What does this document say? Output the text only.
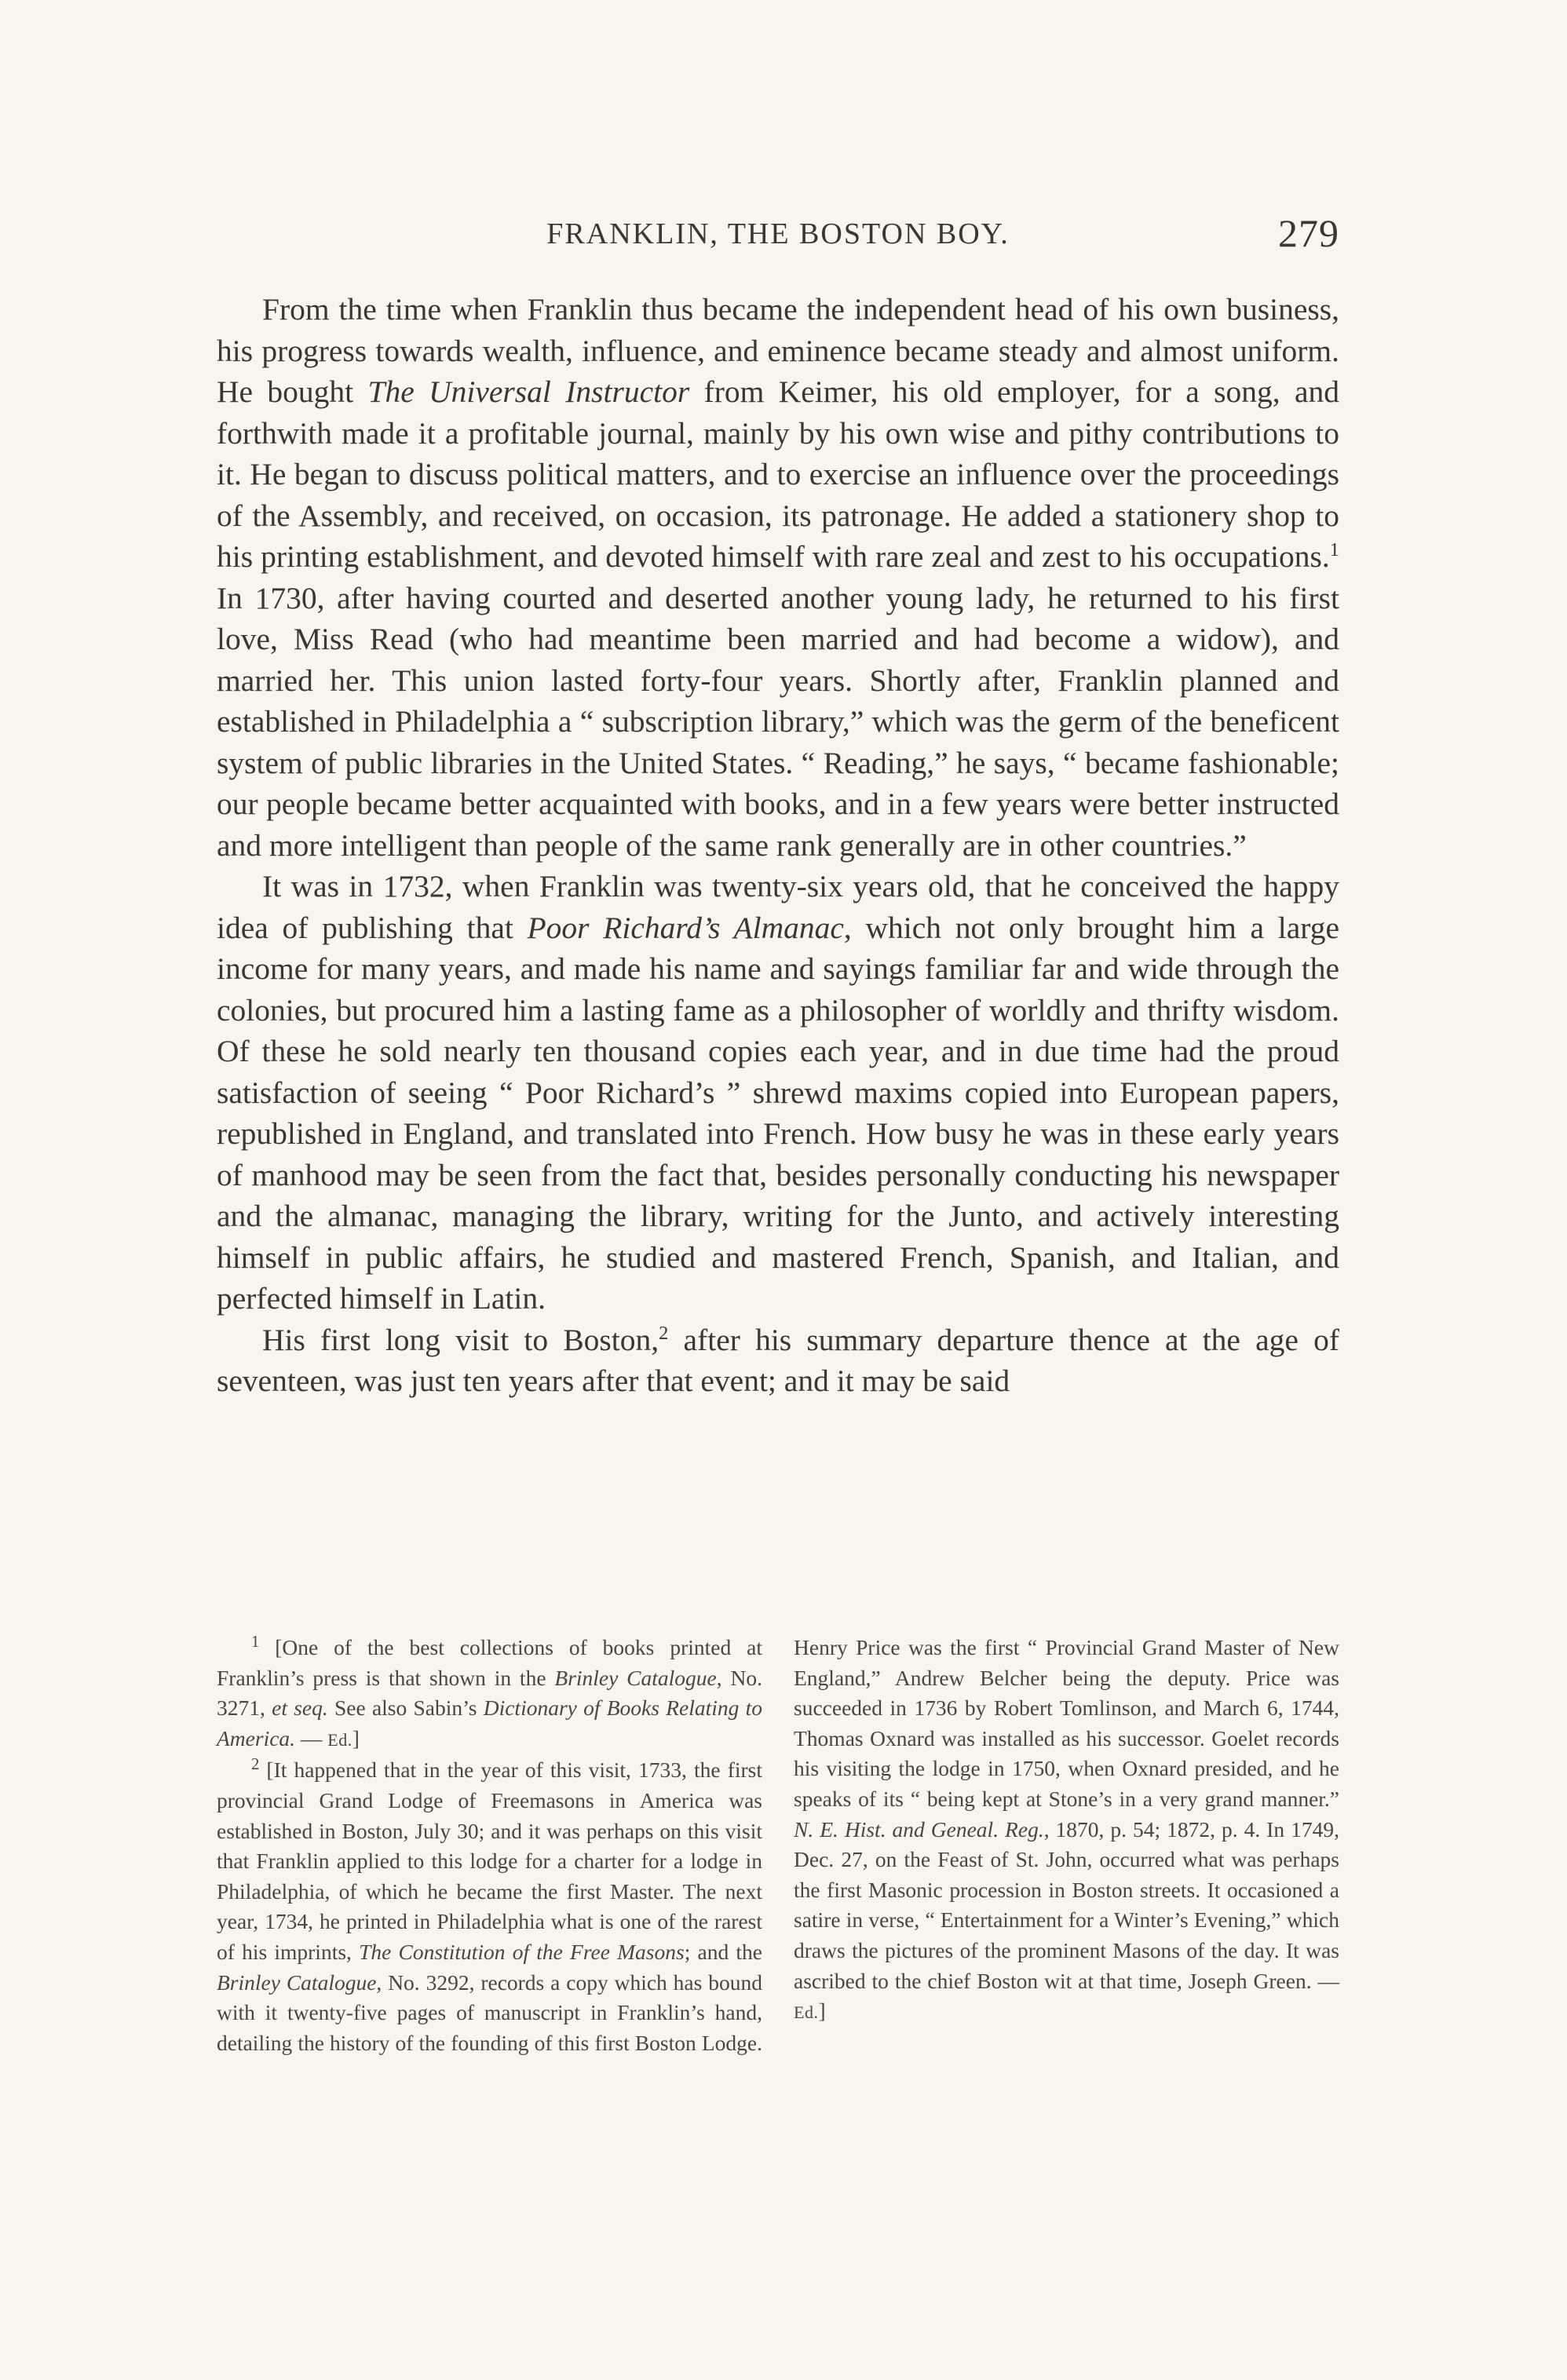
FRANKLIN, THE BOSTON BOY.	279

From the time when Franklin thus became the independent head of his own business, his progress towards wealth, influence, and eminence became steady and almost uniform. He bought The Universal Instructor from Keimer, his old employer, for a song, and forthwith made it a profitable journal, mainly by his own wise and pithy contributions to it. He began to discuss political matters, and to exercise an influence over the proceedings of the Assembly, and received, on occasion, its patronage. He added a stationery shop to his printing establishment, and devoted himself with rare zeal and zest to his occupations.$^1$ In 1730, after having courted and deserted another young lady, he returned to his first love, Miss Read (who had meantime been married and had become a widow), and married her. This union lasted forty-four years. Shortly after, Franklin planned and established in Philadelphia a “ subscription library,” which was the germ of the beneficent system of public libraries in the United States. “ Reading,” he says, “ became fashionable; our people became better acquainted with books, and in a few years were better instructed and more intelligent than people of the same rank generally are in other countries.”

It was in 1732, when Franklin was twenty-six years old, that he conceived the happy idea of publishing that Poor Richard’s Almanac, which not only brought him a large income for many years, and made his name and sayings familiar far and wide through the colonies, but procured him a lasting fame as a philosopher of worldly and thrifty wisdom. Of these he sold nearly ten thousand copies each year, and in due time had the proud satisfaction of seeing “ Poor Richard’s ” shrewd maxims copied into European papers, republished in England, and translated into French. How busy he was in these early years of manhood may be seen from the fact that, besides personally conducting his newspaper and the almanac, managing the library, writing for the Junto, and actively interesting himself in public affairs, he studied and mastered French, Spanish, and Italian, and perfected himself in Latin.

His first long visit to Boston,$^2$ after his summary departure thence at the age of seventeen, was just ten years after that event; and it may be said

$^1$ [One of the best collections of books printed at Franklin’s press is that shown in the Brinley Catalogue, No. 3271, et seq. See also Sabin’s Dictionary of Books Relating to America. — Ed.]

$^2$ [It happened that in the year of this visit, 1733, the first provincial Grand Lodge of Freemasons in America was established in Boston, July 30; and it was perhaps on this visit that Franklin applied to this lodge for a charter for a lodge in Philadelphia, of which he became the first Master. The next year, 1734, he printed in Philadelphia what is one of the rarest of his imprints, The Constitution of the Free Masons; and the Brinley Catalogue, No. 3292, records a copy which has bound with it twenty-five pages of manuscript in Franklin’s hand, detailing the history of the founding of this first Boston Lodge. Henry Price was the first “ Provincial Grand Master of New England,” Andrew Belcher being the deputy. Price was succeeded in 1736 by Robert Tomlinson, and March 6, 1744, Thomas Oxnard was installed as his successor. Goelet records his visiting the lodge in 1750, when Oxnard presided, and he speaks of its “ being kept at Stone’s in a very grand manner.” N. E. Hist. and Geneal. Reg., 1870, p. 54; 1872, p. 4. In 1749, Dec. 27, on the Feast of St. John, occurred what was perhaps the first Masonic procession in Boston streets. It occasioned a satire in verse, “ Entertainment for a Winter’s Evening,” which draws the pictures of the prominent Masons of the day. It was ascribed to the chief Boston wit at that time, Joseph Green. — Ed.]
